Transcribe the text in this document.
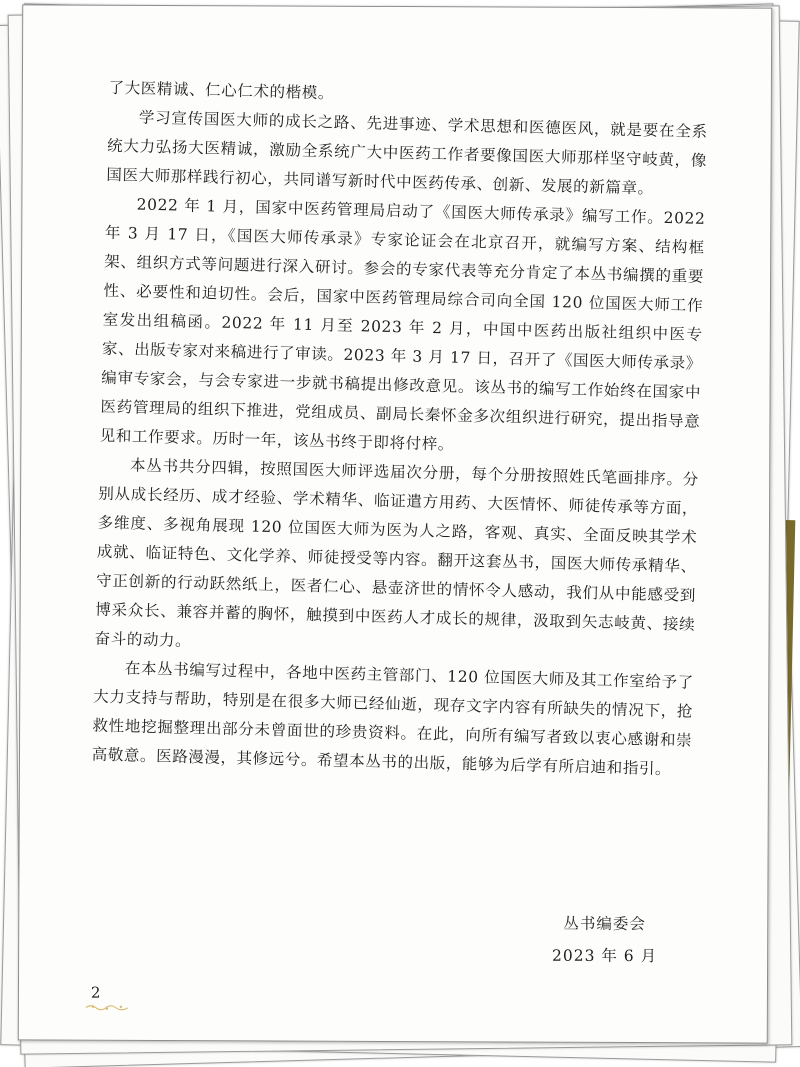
了大医精诚、仁心仁术的楷模。

学习宣传国医大师的成长之路、先进事迹、学术思想和医德医风，就是要在全系统大力弘扬大医精诚，激励全系统广大中医药工作者要像国医大师那样坚守岐黄，像国医大师那样践行初心，共同谱写新时代中医药传承、创新、发展的新篇章。

2022 年 1 月，国家中医药管理局启动了《国医大师传承录》编写工作。2022 年 3 月 17 日，《国医大师传承录》专家论证会在北京召开，就编写方案、结构框架、组织方式等问题进行深入研讨。参会的专家代表等充分肯定了本丛书编撰的重要性、必要性和迫切性。会后，国家中医药管理局综合司向全国 120 位国医大师工作室发出组稿函。2022 年 11 月至 2023 年 2 月，中国中医药出版社组织中医专家、出版专家对来稿进行了审读。2023 年 3 月 17 日，召开了《国医大师传承录》编审专家会，与会专家进一步就书稿提出修改意见。该丛书的编写工作始终在国家中医药管理局的组织下推进，党组成员、副局长秦怀金多次组织进行研究，提出指导意见和工作要求。历时一年，该丛书终于即将付梓。

本丛书共分四辑，按照国医大师评选届次分册，每个分册按照姓氏笔画排序。分别从成长经历、成才经验、学术精华、临证遣方用药、大医情怀、师徒传承等方面，多维度、多视角展现 120 位国医大师为医为人之路，客观、真实、全面反映其学术成就、临证特色、文化学养、师徒授受等内容。翻开这套丛书，国医大师传承精华、守正创新的行动跃然纸上，医者仁心、悬壶济世的情怀令人感动，我们从中能感受到博采众长、兼容并蓄的胸怀，触摸到中医药人才成长的规律，汲取到矢志岐黄、接续奋斗的动力。

在本丛书编写过程中，各地中医药主管部门、120 位国医大师及其工作室给予了大力支持与帮助，特别是在很多大师已经仙逝，现存文字内容有所缺失的情况下，抢救性地挖掘整理出部分未曾面世的珍贵资料。在此，向所有编写者致以衷心感谢和崇高敬意。医路漫漫，其修远兮。希望本丛书的出版，能够为后学有所启迪和指引。

丛书编委会
2023 年 6 月
2
